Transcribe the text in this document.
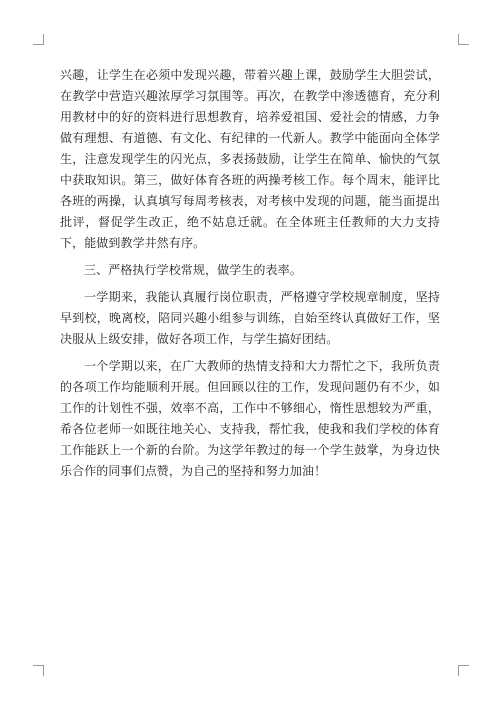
兴趣，让学生在必须中发现兴趣，带着兴趣上课，鼓励学生大胆尝试，在教学中营造兴趣浓厚学习氛围等。再次，在教学中渗透德育，充分利用教材中的好的资料进行思想教育，培养爱祖国、爱社会的情感，力争做有理想、有道德、有文化、有纪律的一代新人。教学中能面向全体学生，注意发现学生的闪光点，多表扬鼓励，让学生在简单、愉快的气氛中获取知识。第三，做好体育各班的两操考核工作。每个周末，能评比各班的两操，认真填写每周考核表，对考核中发现的问题，能当面提出批评，督促学生改正，绝不姑息迁就。在全体班主任教师的大力支持下，能做到教学井然有序。

三、严格执行学校常规，做学生的表率。

一学期来，我能认真履行岗位职责，严格遵守学校规章制度，坚持早到校，晚离校，陪同兴趣小组参与训练，自始至终认真做好工作，坚决服从上级安排，做好各项工作，与学生搞好团结。

一个学期以来，在广大教师的热情支持和大力帮忙之下，我所负责的各项工作均能顺利开展。但回顾以往的工作，发现问题仍有不少，如工作的计划性不强，效率不高，工作中不够细心，惰性思想较为严重，希各位老师一如既往地关心、支持我，帮忙我，使我和我们学校的体育工作能跃上一个新的台阶。为这学年教过的每一个学生鼓掌，为身边快乐合作的同事们点赞，为自己的坚持和努力加油！
